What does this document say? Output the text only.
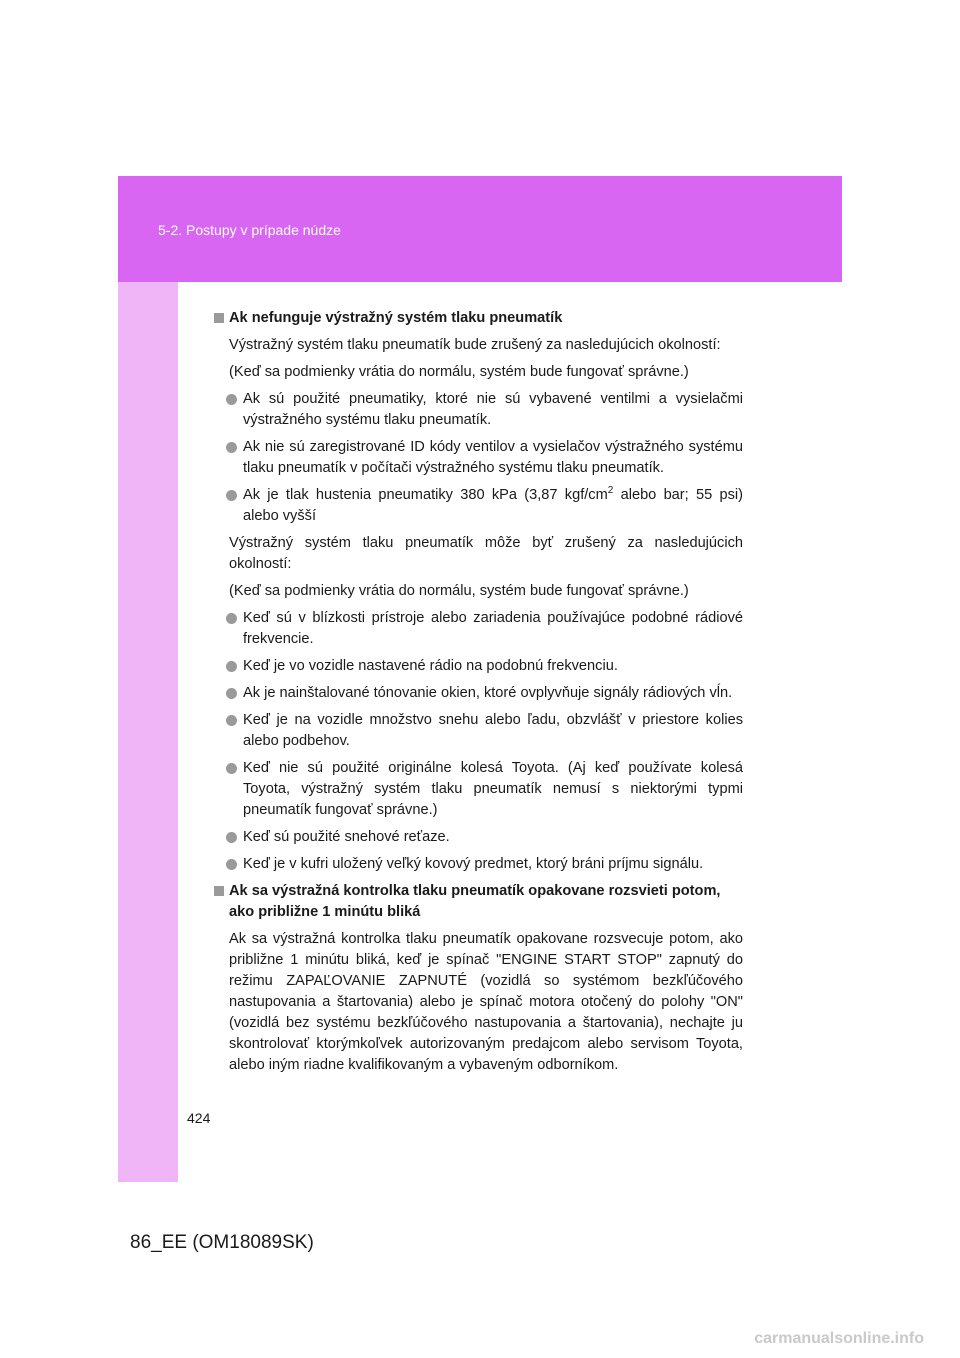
5-2. Postupy v prípade núdze

Ak nefunguje výstražný systém tlaku pneumatík

Výstražný systém tlaku pneumatík bude zrušený za nasledujúcich okolností:

(Keď sa podmienky vrátia do normálu, systém bude fungovať správne.)

Ak sú použité pneumatiky, ktoré nie sú vybavené ventilmi a vysielačmi výstražného systému tlaku pneumatík.

Ak nie sú zaregistrované ID kódy ventilov a vysielačov výstražného systému tlaku pneumatík v počítači výstražného systému tlaku pneumatík.

Ak je tlak hustenia pneumatiky 380 kPa (3,87 kgf/$cm^2$ alebo bar; 55 psi) alebo vyšší

Výstražný systém tlaku pneumatík môže byť zrušený za nasledujúcich okolností:

(Keď sa podmienky vrátia do normálu, systém bude fungovať správne.)

Keď sú v blízkosti prístroje alebo zariadenia používajúce podobné rádiové frekvencie.

Keď je vo vozidle nastavené rádio na podobnú frekvenciu.

Ak je nainštalované tónovanie okien, ktoré ovplyvňuje signály rádiových vĺn.

Keď je na vozidle množstvo snehu alebo ľadu, obzvlášť v priestore kolies alebo podbehov.

Keď nie sú použité originálne kolesá Toyota. (Aj keď používate kolesá Toyota, výstražný systém tlaku pneumatík nemusí s niektorými typmi pneumatík fungovať správne.)

Keď sú použité snehové reťaze.

Keď je v kufri uložený veľký kovový predmet, ktorý bráni príjmu signálu.

Ak sa výstražná kontrolka tlaku pneumatík opakovane rozsvieti potom, ako približne 1 minútu bliká

Ak sa výstražná kontrolka tlaku pneumatík opakovane rozsvecuje potom, ako približne 1 minútu bliká, keď je spínač "ENGINE START STOP" zapnutý do režimu ZAPAĽOVANIE ZAPNUTÉ (vozidlá so systémom bezkľúčového nastupovania a štartovania) alebo je spínač motora otočený do polohy "ON" (vozidlá bez systému bezkľúčového nastupovania a štartovania), nechajte ju skontrolovať ktorýmkoľvek autorizovaným predajcom alebo servisom Toyota, alebo iným riadne kvalifikovaným a vybaveným odborníkom.

424
86_EE (OM18089SK)
carmanualsonline.info
